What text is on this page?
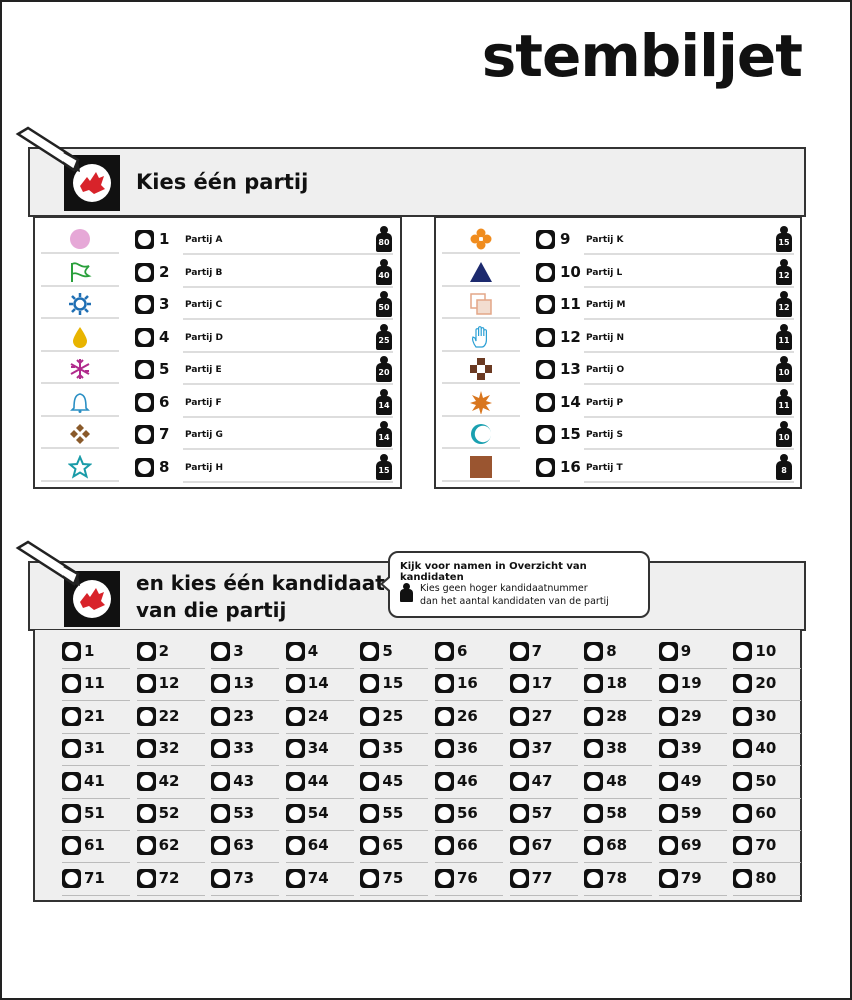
stembiljet
Kies één partij
1 Partij A	80
2 Partij B	40
3 Partij C	50
4 Partij D	25
5 Partij E	20
6 Partij F	14
7 Partij G	14
8 Partij H	15
9 Partij K	15
10 Partij L	12
11 Partij M	12
12 Partij N	11
13 Partij O	10
14 Partij P	11
15 Partij S	10
16 Partij T	8
en kies één kandidaat
van die partij
Kijk voor namen in Overzicht van kandidaten
Kies geen hoger kandidaatnummer
dan het aantal kandidaten van de partij
1	2	3	4	5	6	7	8	9	10
11	12	13	14	15	16	17	18	19	20
21	22	23	24	25	26	27	28	29	30
31	32	33	34	35	36	37	38	39	40
41	42	43	44	45	46	47	48	49	50
51	52	53	54	55	56	57	58	59	60
61	62	63	64	65	66	67	68	69	70
71	72	73	74	75	76	77	78	79	80
